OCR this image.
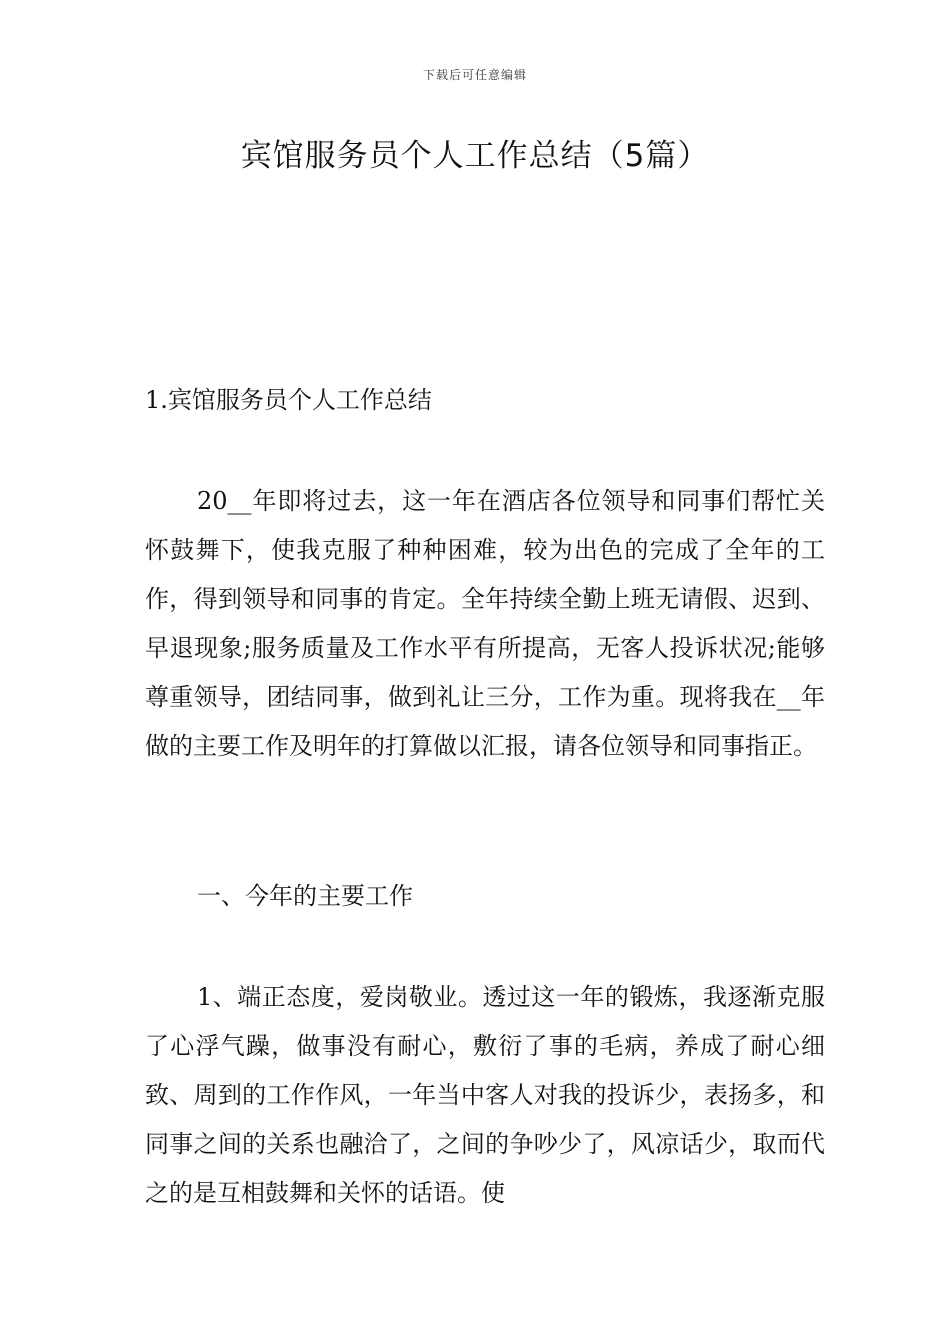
下载后可任意编辑
宾馆服务员个人工作总结（5篇）
1.宾馆服务员个人工作总结

20__年即将过去，这一年在酒店各位领导和同事们帮忙关怀鼓舞下，使我克服了种种困难，较为出色的完成了全年的工作，得到领导和同事的肯定。全年持续全勤上班无请假、迟到、早退现象;服务质量及工作水平有所提高，无客人投诉状况;能够尊重领导，团结同事，做到礼让三分，工作为重。现将我在__年做的主要工作及明年的打算做以汇报，请各位领导和同事指正。

一、今年的主要工作

1、端正态度，爱岗敬业。透过这一年的锻炼，我逐渐克服了心浮气躁，做事没有耐心，敷衍了事的毛病，养成了耐心细致、周到的工作作风，一年当中客人对我的投诉少，表扬多，和同事之间的关系也融洽了，之间的争吵少了，风凉话少，取而代之的是互相鼓舞和关怀的话语。使
